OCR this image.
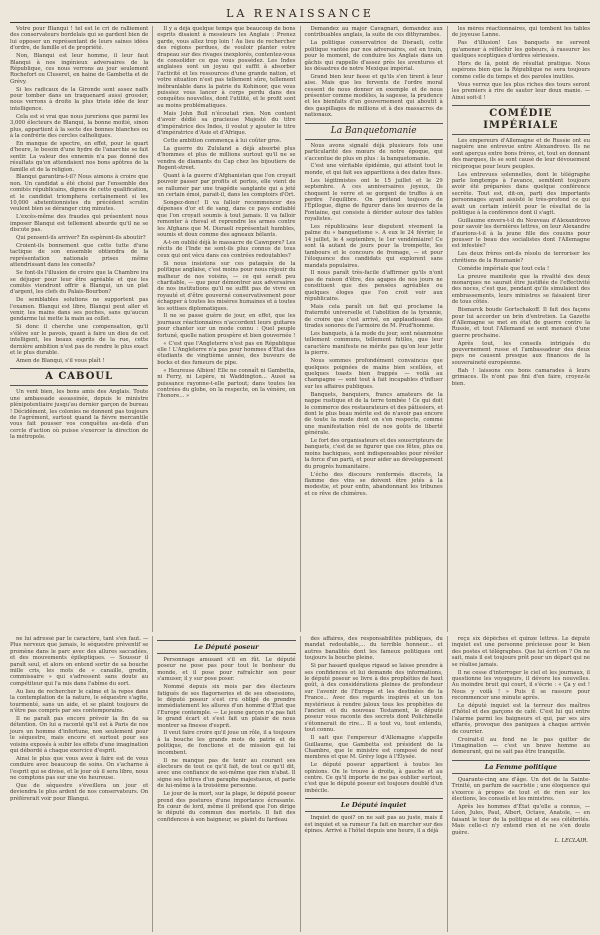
LA RENAISSANCE

Votre pour Blanqui ! tel est le cri de ralliement des conservateurs bordelais qui se gardent bien de lui opposer un représentant de leurs saines idées d'ordre, de famille et de propriété.

Non, Blanqui est leur homme, il leur faut Blanqui à nos ingénieux adversaires de la République, ces nous verrons au jour seulement Rochefort ou Cluseret, en haine de Gambetta et de Grévy.

Si les radicaux de la Gironde sont assez naïfs pour tomber dans un traquenard aussi grossier, nous verrons à droite la plus triste idée de leur intelligence.

Cela est si vrai que nous jurerions que parmi les 3,000 électeurs de Blanqui, la bonne moitié, sinon plus, appartient à la secte des bonnes blanches ou à la confrérie des cercles catholiques.

En manque de spectre, en effet, pour le quart d'heure, le besoin d'une hydre de l'anarchie se fait sentir. La valeur des ennemis n'a pas donné des résultats qu'on attendaient nos bons apôtres de la famille et de la religion.

Blanqui garantira-t-il? Nous aimons à croire que non. Un candidat a été choisi par l'ensemble des comités républicains, dignes de cette qualification, et le candidat triomphera certainement si les 10,000 abstentionnistes du précédent scrutin veulent bien se déranger cinq minutes.

L'excès-même des fraudes qui présentent nous imposer Blanqui est tellement absurde qu'il ne se discute pas.

Qui pensent-ils arriver? En espèrent-ils aboutir?

Croient-ils bonnement que cette tutte d'une tactique de son ensemble obtiendra de la représentation nationale prises même attendrissant dans les conseils?

Se font-ils l'illusion de croire que la Chambre ira se déjuger pour leur être agréable et que les comités viendront offrir à Blanqui, un un plat d'argent, les clefs du Palais-Bourbon?

De semblables solutions ne supportent pas l'examen. Blanqui est libre, Blanqui peut aller et venir, les mains dans ses poches, sans qu'aucun gendarme lui mette la main au collet.

Si donc il cherche une compensation, qu'il s'élève sur le pavois, quant à faire un dieu de cet intelligent, les beaux esprits de la rue, cette dernière ambition n'est pas de rendre le plus exact et le plus durable.

Amen de Blanqui, s'il vous plaît !

A CABOUL

Un vent bien, les bons amis des Anglais. Toute une ambassade assassinée, depuis le ministre plénipotentiaire jusqu'au dernier garçon de bureau ! Décidément, les colonies ne donnent pas toujours de l'agrément, surtout quand la fièvre mercantile vous fait pousser vos conquêtes au-delà d'un cercle d'action où puisse s'exercer la direction de la métropole.

Il y a déjà quelque temps que beaucoup de bons esprits disaient à messieurs les Anglais : Prenez garde, vous allez trop loin ! Au lieu de rechercher des régions perdues, de vouloir planter votre drapeau sur des rivages inexplorés, contentez-vous de consolider ce que vous possédez. Les Indes anglaises sont un joyau qui suffit à absorber l'activité et les ressources d'une grande nation, et votre situation n'est pas tellement sûre, tellement inébranlable dans la patrie du Kohinoor, que vous puissiez vous lancer à corps perdu dans des conquêtes nouvelles, dont l'utilité, et le profit sont au moins problématiques.

Mais John Bull n'écoutait rien. Non content d'avoir dédié sa gracieuse Majesté du titre d'impératrice des Indes, il voulut y ajouter le titre d'impératrice d'Asie et d'Afrique.

Cette ambition commença à lui coûter gros.

La guerre du Zululand a déjà absorbé plus d'hommes et plus de millions surtout qu'il ne se vendra de diamants du Cap chez les bijoutiers de Regent-street.

Quant à la guerre d'Afghanistan que l'on croyait pouvoir passer par profits et pertes, elle vient de se rallumer par une tragédie sanglante qui a jeté un certain émoi, parait-il, dans les comptoirs d'Ort.

Songez-donc! Il va falloir recommencer des dépenses d'or et de sang, dans ce pays endiablé que l'on croyait soumis à tout jamais. Il va falloir remonter à cheval et reprendre les armes contre les Afghans que M. Disraeli représentait humbles, soumis et doux comme des agneaux bêlants.

A-t-on oublié déjà le massacre de Cawnpore? Les récits de l'Inde ne sont-ils plus connus de tous ceux qui ont vécu dans ces contrées redoutables?

Si nous insistons sur ces pataquès de la politique anglaise, c'est moins pour nous réjouir du malheur de nos voisins, — ce qui serait peu charitable, — que pour démontrer aux adversaires de nos institutions qu'il ne suffit pas de vivre en royauté et d'être gouverné conservativement pour échapper à toutes les misères humaines et à toutes les sottises diplomatiques.

Il ne se passe guère de jour, en effet, que les journaux réactionnaires n'accordent leurs guitares pour chanter sur un mode connu : Quel peuple fortuné, quelle nation prospère et bien gouvernée !

« C'est que l'Angleterre n'est pas en République elle ! L'Angleterre n'a pas pour hommes d'État des étudiants de vingtième année, des buveurs de bocks et des fumeurs de pipe.

« Heureuse Albion! Elle ne connaît ni Gambetta, ni Ferry, ni Lepère, ni Waddington... Aussi sa puissance rayonne-t-elle partout; dans toutes les contrées du globe, on la respecte, on la vénère, on l'honore... »

Demandez au major Cavagnari, demandez aux contribuables anglais, la suite de ces dithyrambes.

La politique conservatrice de Disraeli, cette politique vantée par nos adversaires, est en train, pour le moment, de conduire les Anglais dans un gâchis qui rappelle d'assez près les aventures et les désastres de notre Mexique impérial.

Grand bien leur fasse et qu'ils s'en tirent à leur aise. Mais que les fervents de l'ordre moral cessent de nous donner en exemple et de nous présenter comme modèles, la sagesse, la prudence et les bienfaits d'un gouvernement qui aboutit à des gaspillages de millions et à des massacres de nationaux.

La Banquetomanie

Nous avons signalé déjà plusieurs fois une particularité des mœurs de notre époque, qui s'accentue de plus en plus : la banquetomanie.

C'est une véritable épidémie, qui atteint tout le monde, et qui fait ses apparitions à des dates fixes.

Les légitimistes ont le 15 juillet et le 29 septembre. A ces anniversaires joyeux, ils choquent le verre et se gorgent de truffes à en perdre l'équilibre. On prétend toujours de l'Épilogue, digne de figurer dans les œuvres de la Fontaine, qui consiste à dérider autour des tables royalistes.

Les républicains leur disputent vivement la palme du « banquetisme ». A eux le 24 février, le 14 juillet, le 4 septembre, le 1er vendémiaire! Ce sont là autant de jours pour la trompette, les tambours et le concours de fromage, — et pour l'éloquence des candidats qui explorent sans mandats populaires.

Il nous paraît très-facile d'affirmer qu'ils n'ont pas de raison d'être, des agapes de nos jours ne constituent que des pensées agréables ou quelques éloges que l'on croit voir aux républicains.

Mais cela paraît un fait qui proclame la fraternité universelle et l'abolition de la tyrannie, de croire que c'est arrivé, en applaudissant des tirades sonores de l'armoire de M. Prud'homme.

Les banquets, à la mode du jour, sont néanmoins tellement communs, tellement futiles, que leur caractère manifeste ne mérite pas qu'on leur jette la pierre.

Nous sommes profondément convaincus que quelques poignées de mains bien scellées, et quelques toasts bien frappés — voilà au champagne — sont tout à fait incapables d'influer sur les affaires publiques.

Banquets, banquiers, francs amateurs de la nappe rustique et de la terre tombée ! Ce qui doit le commerce des restaurateurs et des pâtissiers, et dont le plus beau mérite est de n'avoir pas encore de toute la mode dont on s'en respecte, comme une manifestation réel de nos goûts de liberté générale.

Le fort des organisateurs et des souscripteurs de banquets, c'est de se figurer que ces fêtes, plus ou moins bachiques, sont indispensables pour révéler la force d'un parti, et pour aider au développement du progrès humanitaire.

L'écho des discours renfermés discrets, la flamme des vins se doivent être jetés à la modestie, et pour enfin, abandonnant les tribunes et ce rêve de chimères.

les mères réactionnaires, qui tombent les tables de joyeuse Lanne.

Pas d'illusion! Les banquets ne servent qu'amener à réfléchir les gobeurs, à rassurer les quelques sceptiques d'ordres sérieuses.

Hors de là, point de résultat pratique. Nous espérons bien que la République ne sera toujours comme celle du temps et des paroles inutiles.

Vous verrez que les plus riches des tours seront les premiers à rire de sauter leur doux manie. — Ainsi soit-il !

COMÉDIE IMPÉRIALE

Les empereurs d'Allemagne et de Russie ont eu naguère une entrevue entre Alexandrovo. Ils ne sont aperçus entre bons frères, et, tout en donnant des marques, ils se sont causé de leur dévouement réciproque pour leurs peuples.

Les entrevues solennelles, dont le télégraphe parle longtemps à l'avance, semblent toujours avoir été préparées dans quelque conférence secrète. Tout est, dit-on, parti des importants personnages ayant assisté le très-profond ce qui avait un certain intérêt pour le résultat de la politique à la conférence dont il s'agit.

Guillaume envers-t-il du Nouveau d'Alexandrovo pour savoir les dernières lettres, on leur Alexandre d'aurions-t-il à la jeune fille des cousins pour pousser le beau des socialistes dont l'Allemagne est infestée?

Les deux frères ont-ils résolu de terroriser les chrétiens de la Roumanie?

Comédie impériale que tout cela !

La preuve manifeste que la rivalité des deux monarques ne saurait être justifiée de l'effectivité des noces, c'est que, pendant qu'ils simulaient des embrassements, leurs ministres se faisaient tirer de tous côtés.

Bismarck boude Gortschakoff. Il fait des façons pour lui accorder un brin d'entretien. La Gazette d'Allemagne se met en état de guerre contre la Russie, et tout l'Allemand se sent menacé d'une guerre prochaine.

Après tout, les conseils intrigués du gouvernement russe et l'ambassadeur des deux pays ne causent presque aux finances de la souveraineté européenne.

Bah ! laissons ces bons camarades à leurs grimaces. Ils n'ont pas fini d'en faire, croyez-le bien.

ne lui adressé par le caractère, tant s'en faut. — Plus nerveux que jamais, le séquestre préventif se promène dans le parc avec des allures saccadées, et des mouvements épileptiques. — Soussur il paraît seul, et alors on entend sortir de sa bouche mille cris, les mots de « canaille, gredin, commissaire » qui s'adressent sans doute au compétiteur qui l'a mis dans l'abîme du sort.

Au lieu de rechercher le calme et la repos dans la contemplation de la nature, le séquestre s'agite, tourmenté, sans un aide, et se plaint toujours de n'être pas compris par ses contemporains.

Il ne paraît pas encore prévoir la fin de sa détention. On lui a raconté qu'il est à Paris de nos jours un homme d'infortune, non seulement pour le séquestre, mais encore et surtout pour ses voisins exposés à subir les effets d'une imagination qui débordé à chaque exercice d'esprit.

Ainsi le plus que vous avez à faire est de vous conduire avec beaucoup de soins. On s'acharne à l'esprit qui se divise, et le jour où il sera libre, nous ne comptons pas sur une vie heureuse.

Que de séquestre s'éveillera un jour et deviendra le plus ardent de nos conservateurs. On préférerait voir pour Blanqui.

Le Député poseur

Personnage amusant s'il en fût. Le député poseur ne pose pas pour tout le bonheur du monde, et il pose pour rafraîchir son pour s'amuser, il y sur pose poser.

Nommé depuis six mois par des électeurs fatigués de ses flagorneries et de ses obsessions, le député poseur s'est cru obligé de prendre immédiatement les allures d'un homme d'État que l'Europe contemple. — Le jeune garçon n'a pas fait le grand écart et s'est fait un plaisir de nous montrer sa finesse d'esprit.

Il veut faire croire qu'il joue un rôle, il a toujours à la bouche les grands mots de patrie et de politique, de fonctions et de mission qui lui incombent.

Il ne manque pas de tenir au courant ses électeurs de tout ce qu'il fait, de tout ce qu'il dit, avec une confiance de soi-même que rien n'abat. Il signe ses lettres d'un paraphe majestueux, et parle de lui-même à la troisième personne.

Le jour de la mort, sur la plage, le député poseur prend des postures d'une importance écrasante. En cœur de lord, même il prétend que l'on dirige le député du commun des mortels. Il fait des confidences à son baigneur, se plaint du fardeau

des affaires, des responsabilités publiques, du mandat redoutable,... du terrible honneur... et autres banalités dont les fameux politiques ont toujours la bouche pleine.

Si par hasard quelque rigaud se laisse prendre à ses confidences et lui demande des informations, le député poseur se livre à des prophéties de haut goût, à des considérations pleines de profondeur sur l'avenir de l'Europe et les destinées de la France... Avec des regards inspirés et un ton mystérieux à rendre jaloux tous les prophètes de l'ancien et du nouveau Testament, le député poseur vous raconte des secrets dont Polichinelle s'étonnerait de rire... Il a tout vu, tout entendu, tout connu.

Il sait que l'empereur d'Allemagne s'appelle Guillaume, que Gambetta est président de la Chambre, que le ministre est composé de neuf membres et que M. Grévy loge à l'Élysée.

Le député poseur appartient à toutes les opinions. On le trouve à droite, à gauche et au centre. Ce qu'il importe de ne pas oublier surtout, c'est que le député poseur est toujours doublé d'un imbécile.

Le Député inquiet

Inquiet de quoi? on ne sait pas au juste, mais il est inquiet et sa rumeur l'a fait en marcher sur des épines. Arrivé à l'hôtel depuis une heure, il a déjà

reçu six dépêches et quinze lettres. Le député inquiet est une personne précieuse pour le bien des postes et télégraphes. Que lui écrit-on ? On ne sait, mais il est toujours prêt pour un départ qui ne se réalise jamais.

Il ne cesse d'interroger le ciel et les journaux, il questionne les voyageurs, il dévore les nouvelles. Au moindre bruit qui court, il s'écrie : « Ça y est ! Nous y voilà ! » Puis il se rassure pour recommencer une minute après.

Le député inquiet est la terreur des maîtres d'hôtel et des garçons de café. C'est lui qui entre l'alarme parmi les baigneurs et qui, par ses airs effarés, provoque des paniques à chaque arrivée de courrier.

Croirait-il au fond ne le pas quitter de l'imagination — c'est un brave homme au demeurant, qui ne sait pas être tranquille.

La Femme politique

Quarante-cinq ans d'âge. Un dot de la Sainte-Trinité, un parfum de sacristie ; une éloquence qui s'exerce à propos de tout et de rien sur les élections, les conseils et les ministres.

Après les hommes d'État qu'elle a connus, — Léon, Jules, Paul, Albert, Octave, Anatole, — en faisant le tour de la politique et de ses célébrités. Mais celle-ci n'y entend rien et ne s'en doute guère.

L. LECLAIR.
